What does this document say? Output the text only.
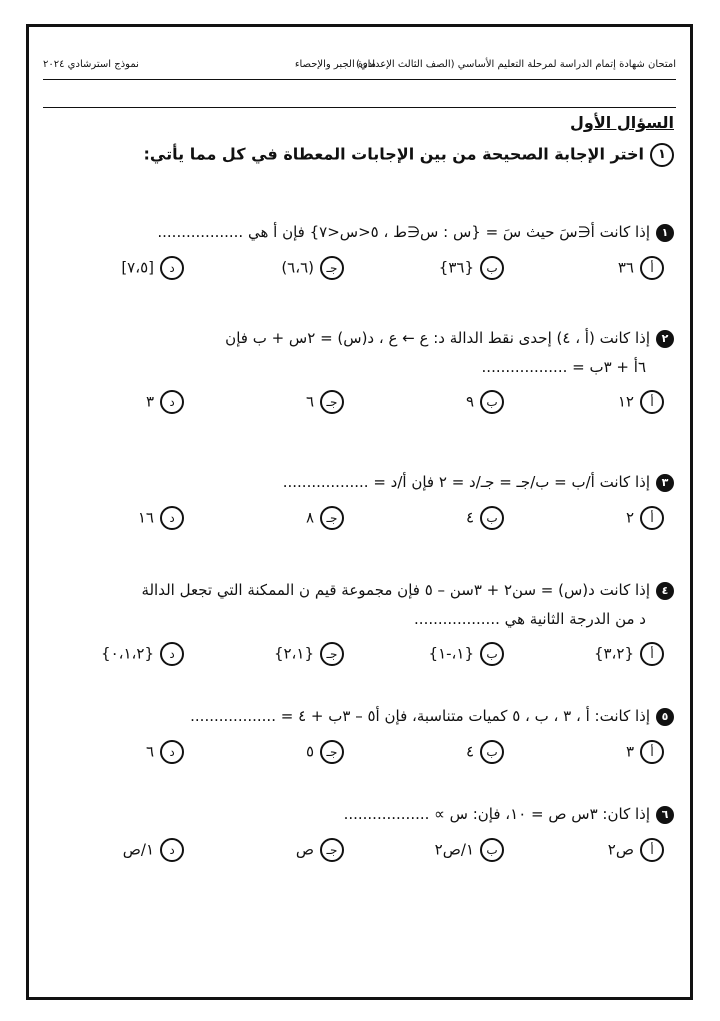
امتحان شهادة إتمام الدراسة لمرحلة التعليم الأساسي (الصف الثالث الإعدادي)
مادة الجبر والإحصاء
نموذج استرشادي ٢٠٢٤
السؤال الأول
١اختر الإجابة الصحيحة من بين الإجابات المعطاة في كل مما يأتي:
١إذا كانت أ∈سَ حيث سَ = {س : س∈ط ، ٥<س<٧} فإن أ هي ..................
أ٣٦
ب{٣٦}
جـ(٦،٦)
د[٧،٥]
٢إذا كانت (أ ، ٤) إحدى نقط الدالة د: ع ← ع ، د(س) = ٢س + ب فإن
٦أ + ٣ب = ..................
أ١٢
ب٩
جـ٦
د٣
٣إذا كانت أ/ب = ب/جـ = جـ/د = ٢ فإن أ/د = ..................
أ٢
ب٤
جـ٨
د١٦
٤إذا كانت د(س) = سن٢ + ٣سن – ٥ فإن مجموعة قيم ن الممكنة التي تجعل الدالة
د من الدرجة الثانية هي ..................
أ{٣،٢}
ب{١،-١}
جـ{٢،١}
د{٠،١،٢}
٥إذا كانت: أ ، ٣ ، ب ، ٥ كميات متناسبة، فإن أ٥ – ٣ب + ٤ = ..................
أ٣
ب٤
جـ٥
د٦
٦إذا كان: ٣س ص = ١٠، فإن: س ∝ ..................
أص٢
ب١/ص٢
جـص
د١/ص
